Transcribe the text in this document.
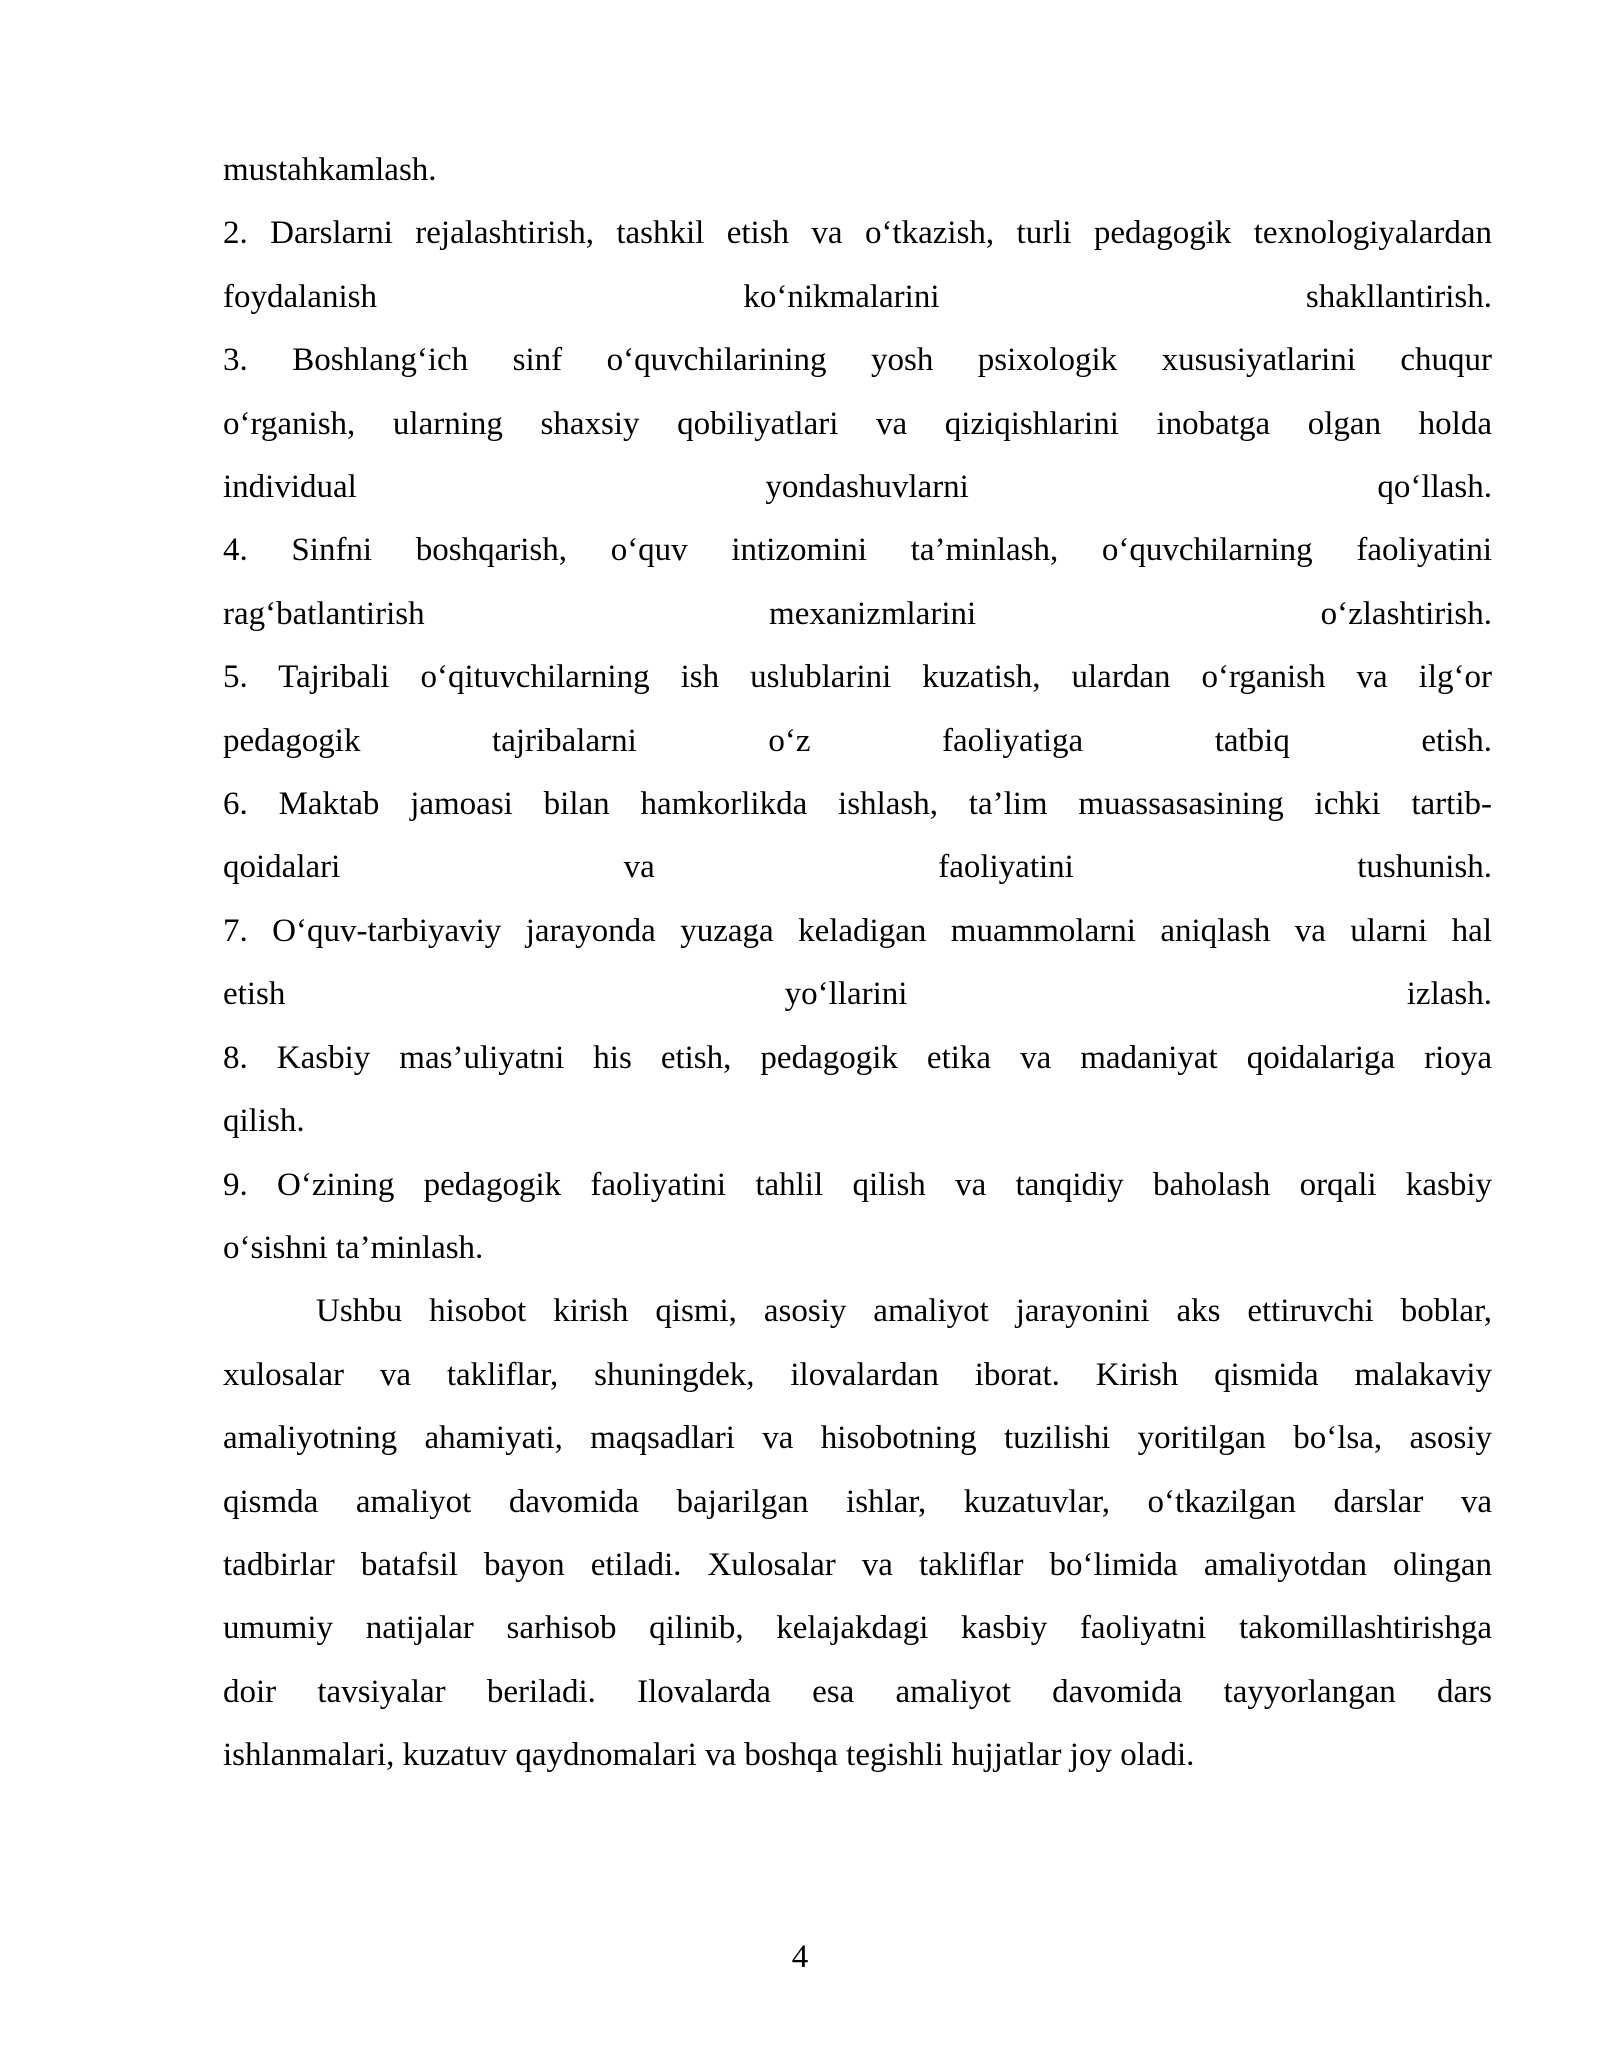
mustahkamlash.
2. Darslarni rejalashtirish, tashkil etish va o‘tkazish, turli pedagogik texnologiyalardan
foydalanish ko‘nikmalarini shakllantirish.
3. Boshlang‘ich sinf o‘quvchilarining yosh psixologik xususiyatlarini chuqur
o‘rganish, ularning shaxsiy qobiliyatlari va qiziqishlarini inobatga olgan holda
individual yondashuvlarni qo‘llash.
4. Sinfni boshqarish, o‘quv intizomini ta’minlash, o‘quvchilarning faoliyatini
rag‘batlantirish mexanizmlarini o‘zlashtirish.
5. Tajribali o‘qituvchilarning ish uslublarini kuzatish, ulardan o‘rganish va ilg‘or
pedagogik tajribalarni o‘z faoliyatiga tatbiq etish.
6. Maktab jamoasi bilan hamkorlikda ishlash, ta’lim muassasasining ichki tartib-
qoidalari va faoliyatini tushunish.
7. O‘quv-tarbiyaviy jarayonda yuzaga keladigan muammolarni aniqlash va ularni hal
etish yo‘llarini izlash.
8. Kasbiy mas’uliyatni his etish, pedagogik etika va madaniyat qoidalariga rioya
qilish.
9. O‘zining pedagogik faoliyatini tahlil qilish va tanqidiy baholash orqali kasbiy
o‘sishni ta’minlash.
Ushbu hisobot kirish qismi, asosiy amaliyot jarayonini aks ettiruvchi boblar,
xulosalar va takliflar, shuningdek, ilovalardan iborat. Kirish qismida malakaviy
amaliyotning ahamiyati, maqsadlari va hisobotning tuzilishi yoritilgan bo‘lsa, asosiy
qismda amaliyot davomida bajarilgan ishlar, kuzatuvlar, o‘tkazilgan darslar va
tadbirlar batafsil bayon etiladi. Xulosalar va takliflar bo‘limida amaliyotdan olingan
umumiy natijalar sarhisob qilinib, kelajakdagi kasbiy faoliyatni takomillashtirishga
doir tavsiyalar beriladi. Ilovalarda esa amaliyot davomida tayyorlangan dars
ishlanmalari, kuzatuv qaydnomalari va boshqa tegishli hujjatlar joy oladi.
4
